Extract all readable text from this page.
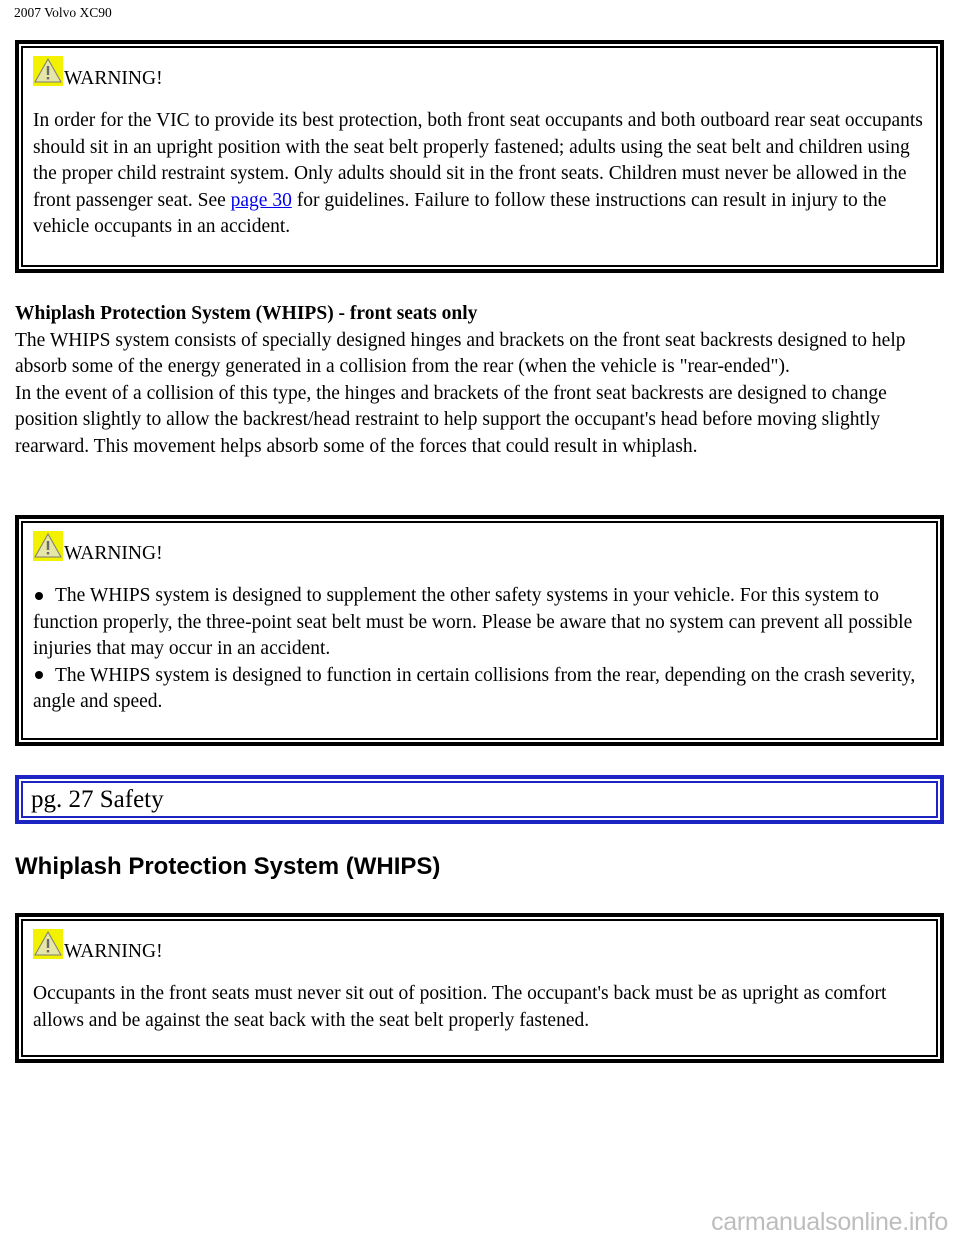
2007 Volvo XC90
WARNING!
In order for the VIC to provide its best protection, both front seat occupants and both outboard rear seat occupants should sit in an upright position with the seat belt properly fastened; adults using the seat belt and children using the proper child restraint system. Only adults should sit in the front seats. Children must never be allowed in the front passenger seat. See page 30 for guidelines. Failure to follow these instructions can result in injury to the vehicle occupants in an accident.
Whiplash Protection System (WHIPS) - front seats only
The WHIPS system consists of specially designed hinges and brackets on the front seat backrests designed to help absorb some of the energy generated in a collision from the rear (when the vehicle is "rear-ended").
In the event of a collision of this type, the hinges and brackets of the front seat backrests are designed to change position slightly to allow the backrest/head restraint to help support the occupant's head before moving slightly rearward. This movement helps absorb some of the forces that could result in whiplash.
WARNING!
The WHIPS system is designed to supplement the other safety systems in your vehicle. For this system to function properly, the three-point seat belt must be worn. Please be aware that no system can prevent all possible injuries that may occur in an accident.
The WHIPS system is designed to function in certain collisions from the rear, depending on the crash severity, angle and speed.
pg. 27 Safety
Whiplash Protection System (WHIPS)
WARNING!
Occupants in the front seats must never sit out of position. The occupant's back must be as upright as comfort allows and be against the seat back with the seat belt properly fastened.
carmanualsonline.info
